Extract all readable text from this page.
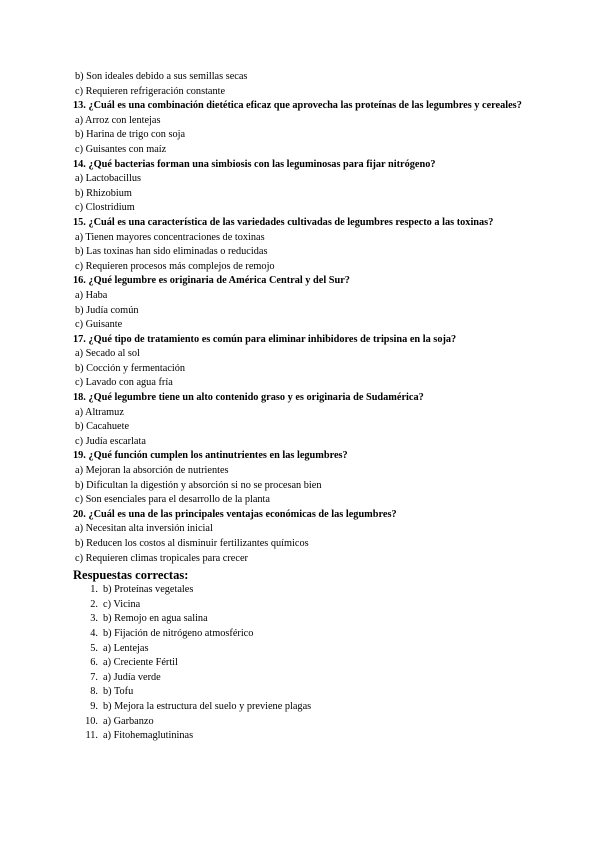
b) Son ideales debido a sus semillas secas
c) Requieren refrigeración constante
13. ¿Cuál es una combinación dietética eficaz que aprovecha las proteínas de las legumbres y cereales?
a) Arroz con lentejas
b) Harina de trigo con soja
c) Guisantes con maíz
14. ¿Qué bacterias forman una simbiosis con las leguminosas para fijar nitrógeno?
a) Lactobacillus
b) Rhizobium
c) Clostridium
15. ¿Cuál es una característica de las variedades cultivadas de legumbres respecto a las toxinas?
a) Tienen mayores concentraciones de toxinas
b) Las toxinas han sido eliminadas o reducidas
c) Requieren procesos más complejos de remojo
16. ¿Qué legumbre es originaria de América Central y del Sur?
a) Haba
b) Judía común
c) Guisante
17. ¿Qué tipo de tratamiento es común para eliminar inhibidores de tripsina en la soja?
a) Secado al sol
b) Cocción y fermentación
c) Lavado con agua fría
18. ¿Qué legumbre tiene un alto contenido graso y es originaria de Sudamérica?
a) Altramuz
b) Cacahuete
c) Judía escarlata
19. ¿Qué función cumplen los antinutrientes en las legumbres?
a) Mejoran la absorción de nutrientes
b) Dificultan la digestión y absorción si no se procesan bien
c) Son esenciales para el desarrollo de la planta
20. ¿Cuál es una de las principales ventajas económicas de las legumbres?
a) Necesitan alta inversión inicial
b) Reducen los costos al disminuir fertilizantes químicos
c) Requieren climas tropicales para crecer
Respuestas correctas:
1. b) Proteínas vegetales
2. c) Vicina
3. b) Remojo en agua salina
4. b) Fijación de nitrógeno atmosférico
5. a) Lentejas
6. a) Creciente Fértil
7. a) Judía verde
8. b) Tofu
9. b) Mejora la estructura del suelo y previene plagas
10. a) Garbanzo
11. a) Fitohemaglutininas
